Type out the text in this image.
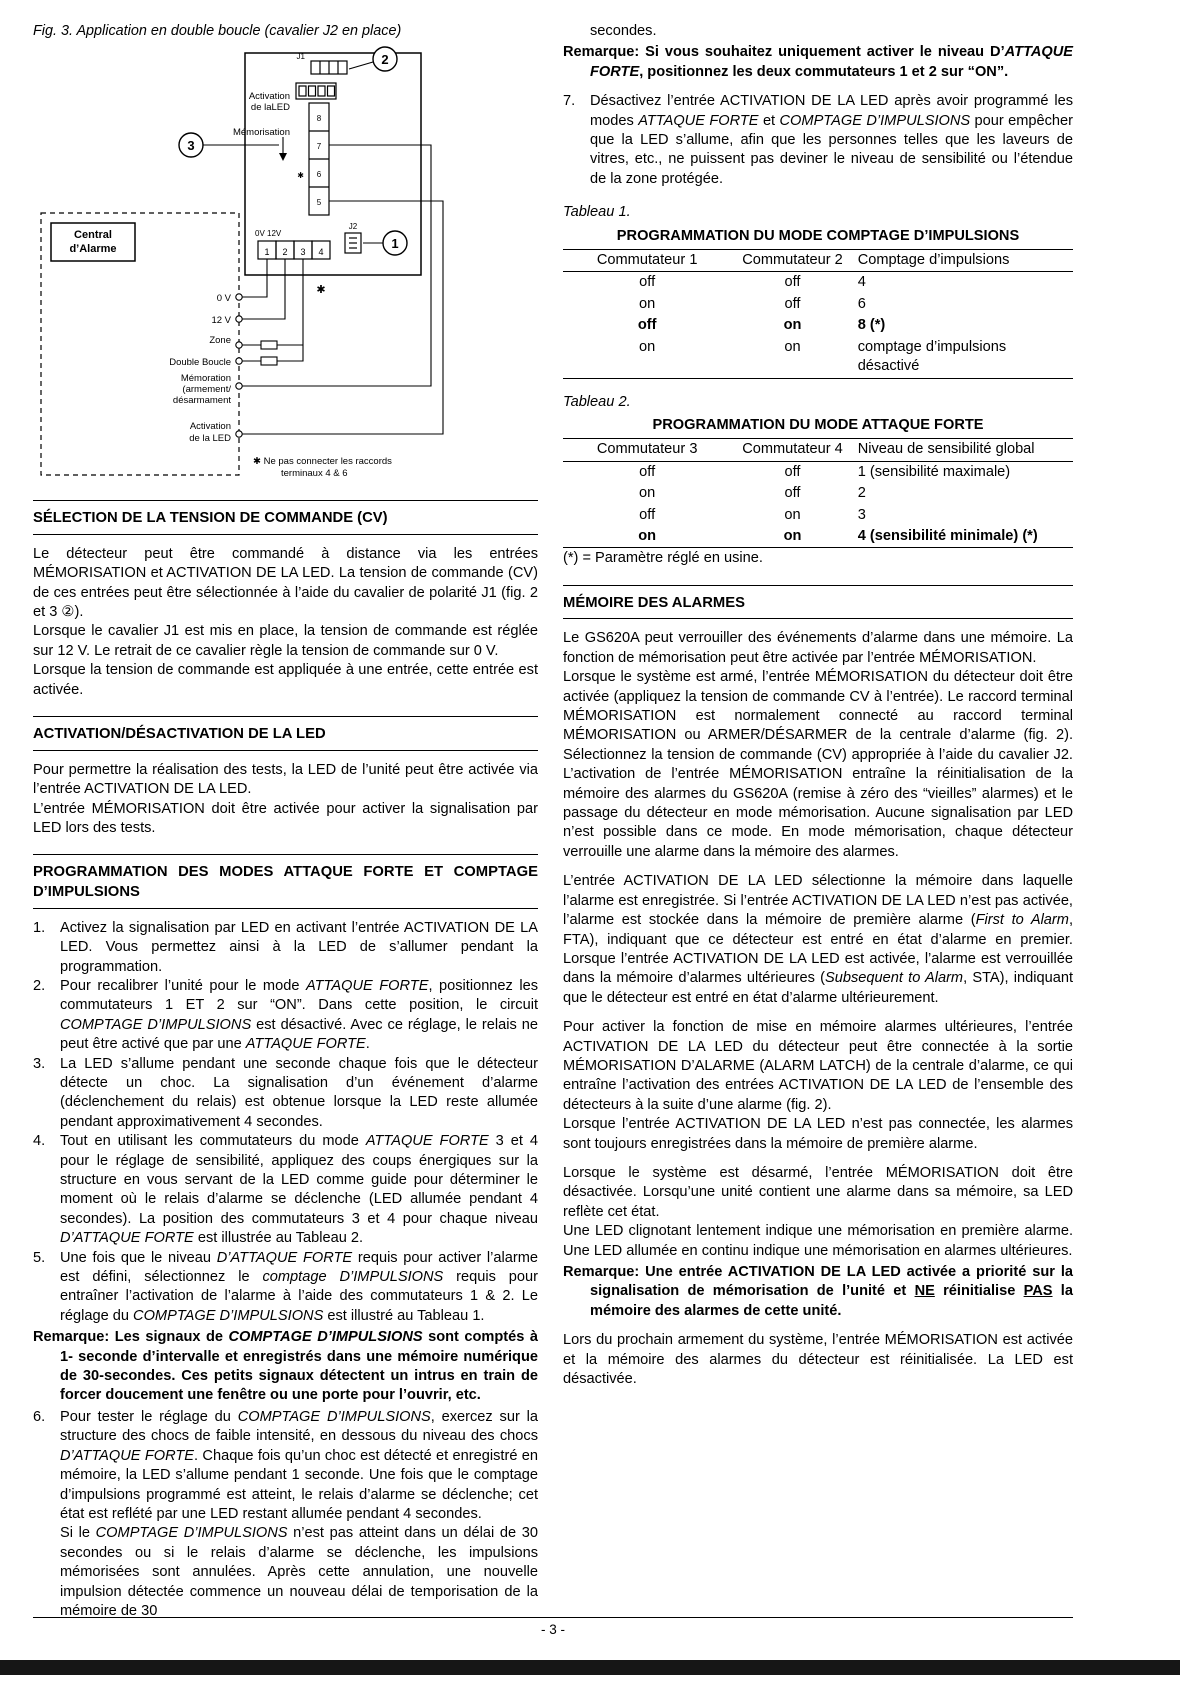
Fig. 3. Application en double boucle (cavalier J2 en place)
2
3
1
J1
J2
Activation
de laLED
Mémorisation
8
7
6
5
✱
Central
d’Alarme
0V 12V
1 2 3 4
✱
0 V
12 V
Zone
Double Boucle
Mémoration
(armement/
désarmament
Activation
de la LED
✱ Ne pas connecter les raccords
terminaux 4 & 6
SÉLECTION DE LA TENSION DE COMMANDE (CV)

Le détecteur peut être commandé à distance via les entrées MÉMORISATION et ACTIVATION DE LA LED. La tension de commande (CV) de ces entrées peut être sélectionnée à l’aide du cavalier de polarité J1 (fig. 2 et 3 ②).

Lorsque le cavalier J1 est mis en place, la tension de commande est réglée sur 12 V. Le retrait de ce cavalier règle la tension de commande sur 0 V.

Lorsque la tension de commande est appliquée à une entrée, cette entrée est activée.

ACTIVATION/DÉSACTIVATION DE LA LED

Pour permettre la réalisation des tests, la LED de l’unité peut être activée via l’entrée ACTIVATION DE LA LED.

L’entrée MÉMORISATION doit être activée pour activer la signalisation par LED lors des tests.

PROGRAMMATION DES MODES ATTAQUE FORTE ET COMPTAGE D’IMPULSIONS
1. Activez la signalisation par LED en activant l’entrée ACTIVATION DE LA LED. Vous permettez ainsi à la LED de s’allumer pendant la programmation.
2. Pour recalibrer l’unité pour le mode ATTAQUE FORTE, positionnez les commutateurs 1 ET 2 sur “ON”. Dans cette position, le circuit COMPTAGE D’IMPULSIONS est désactivé. Avec ce réglage, le relais ne peut être activé que par une ATTAQUE FORTE.
3. La LED s’allume pendant une seconde chaque fois que le détecteur détecte un choc. La signalisation d’un événement d’alarme (déclenchement du relais) est obtenue lorsque la LED reste allumée pendant approximativement 4 secondes.
4. Tout en utilisant les commutateurs du mode ATTAQUE FORTE 3 et 4 pour le réglage de sensibilité, appliquez des coups énergiques sur la structure en vous servant de la LED comme guide pour déterminer le moment où le relais d’alarme se déclenche (LED allumée pendant 4 secondes). La position des commutateurs 3 et 4 pour chaque niveau D’ATTAQUE FORTE est illustrée au Tableau 2.
5. Une fois que le niveau D’ATTAQUE FORTE requis pour activer l’alarme est défini, sélectionnez le comptage D’IMPULSIONS requis pour entraîner l’activation de l’alarme à l’aide des commutateurs 1 & 2. Le réglage du COMPTAGE D’IMPULSIONS est illustré au Tableau 1.
Remarque: Les signaux de COMPTAGE D’IMPULSIONS sont comptés à 1- seconde d’intervalle et enregistrés dans une mémoire numérique de 30-secondes. Ces petits signaux détectent un intrus en train de forcer doucement une fenêtre ou une porte pour l’ouvrir, etc.
6. Pour tester le réglage du COMPTAGE D’IMPULSIONS, exercez sur la structure des chocs de faible intensité, en dessous du niveau des chocs D’ATTAQUE FORTE. Chaque fois qu’un choc est détecté et enregistré en mémoire, la LED s’allume pendant 1 seconde. Une fois que le comptage d’impulsions programmé est atteint, le relais d’alarme se déclenche; cet état est reflété par une LED restant allumée pendant 4 secondes.
Si le COMPTAGE D’IMPULSIONS n’est pas atteint dans un délai de 30 secondes ou si le relais d’alarme se déclenche, les impulsions mémorisées sont annulées. Après cette annulation, une nouvelle impulsion détectée commence un nouveau délai de temporisation de la mémoire de 30

secondes.

Remarque: Si vous souhaitez uniquement activer le niveau D’ATTAQUE FORTE, positionnez les deux commutateurs 1 et 2 sur “ON”.
7. Désactivez l’entrée ACTIVATION DE LA LED après avoir programmé les modes ATTAQUE FORTE et COMPTAGE D’IMPULSIONS pour empêcher que la LED s’allume, afin que les personnes telles que les laveurs de vitres, etc., ne puissent pas deviner le niveau de sensibilité ou l’étendue de la zone protégée.
Tableau 1.
PROGRAMMATION DU MODE COMPTAGE D’IMPULSIONS
Commutateur 1	Commutateur 2	Comptage d’impulsions
off	off	4
on	off	6
off	on	8 (*)
on	on	comptage d’impulsions désactivé
Tableau 2.
PROGRAMMATION DU MODE ATTAQUE FORTE
Commutateur 3	Commutateur 4	Niveau de sensibilité global
off	off	1 (sensibilité maximale)
on	off	2
off	on	3
on	on	4 (sensibilité minimale) (*)
(*) = Paramètre réglé en usine.
MÉMOIRE DES ALARMES

Le GS620A peut verrouiller des événements d’alarme dans une mémoire. La fonction de mémorisation peut être activée par l’entrée MÉMORISATION.

Lorsque le système est armé, l’entrée MÉMORISATION du détecteur doit être activée (appliquez la tension de commande CV à l’entrée). Le raccord terminal MÉMORISATION est normalement connecté au raccord terminal MÉMORISATION ou ARMER/DÉSARMER de la centrale d’alarme (fig. 2). Sélectionnez la tension de commande (CV) appropriée à l’aide du cavalier J2. L’activation de l’entrée MÉMORISATION entraîne la réinitialisation de la mémoire des alarmes du GS620A (remise à zéro des “vieilles” alarmes) et le passage du détecteur en mode mémorisation. Aucune signalisation par LED n’est possible dans ce mode. En mode mémorisation, chaque détecteur verrouille une alarme dans la mémoire des alarmes.

L’entrée ACTIVATION DE LA LED sélectionne la mémoire dans laquelle l’alarme est enregistrée. Si l’entrée ACTIVATION DE LA LED n’est pas activée, l’alarme est stockée dans la mémoire de première alarme (First to Alarm, FTA), indiquant que ce détecteur est entré en état d’alarme en premier. Lorsque l’entrée ACTIVATION DE LA LED est activée, l’alarme est verrouillée dans la mémoire d’alarmes ultérieures (Subsequent to Alarm, STA), indiquant que le détecteur est entré en état d’alarme ultérieurement.

Pour activer la fonction de mise en mémoire alarmes ultérieures, l’entrée ACTIVATION DE LA LED du détecteur peut être connectée à la sortie MÉMORISATION D’ALARME (ALARM LATCH) de la centrale d’alarme, ce qui entraîne l’activation des entrées ACTIVATION DE LA LED de l’ensemble des détecteurs à la suite d’une alarme (fig. 2).

Lorsque l’entrée ACTIVATION DE LA LED n’est pas connectée, les alarmes sont toujours enregistrées dans la mémoire de première alarme.

Lorsque le système est désarmé, l’entrée MÉMORISATION doit être désactivée. Lorsqu’une unité contient une alarme dans sa mémoire, sa LED reflète cet état.

Une LED clignotant lentement indique une mémorisation en première alarme. Une LED allumée en continu indique une mémorisation en alarmes ultérieures.

Remarque: Une entrée ACTIVATION DE LA LED activée a priorité sur la signalisation de mémorisation de l’unité et NE réinitialise PAS la mémoire des alarmes de cette unité.

Lors du prochain armement du système, l’entrée MÉMORISATION est activée et la mémoire des alarmes du détecteur est réinitialisée. La LED est désactivée.

- 3 -
